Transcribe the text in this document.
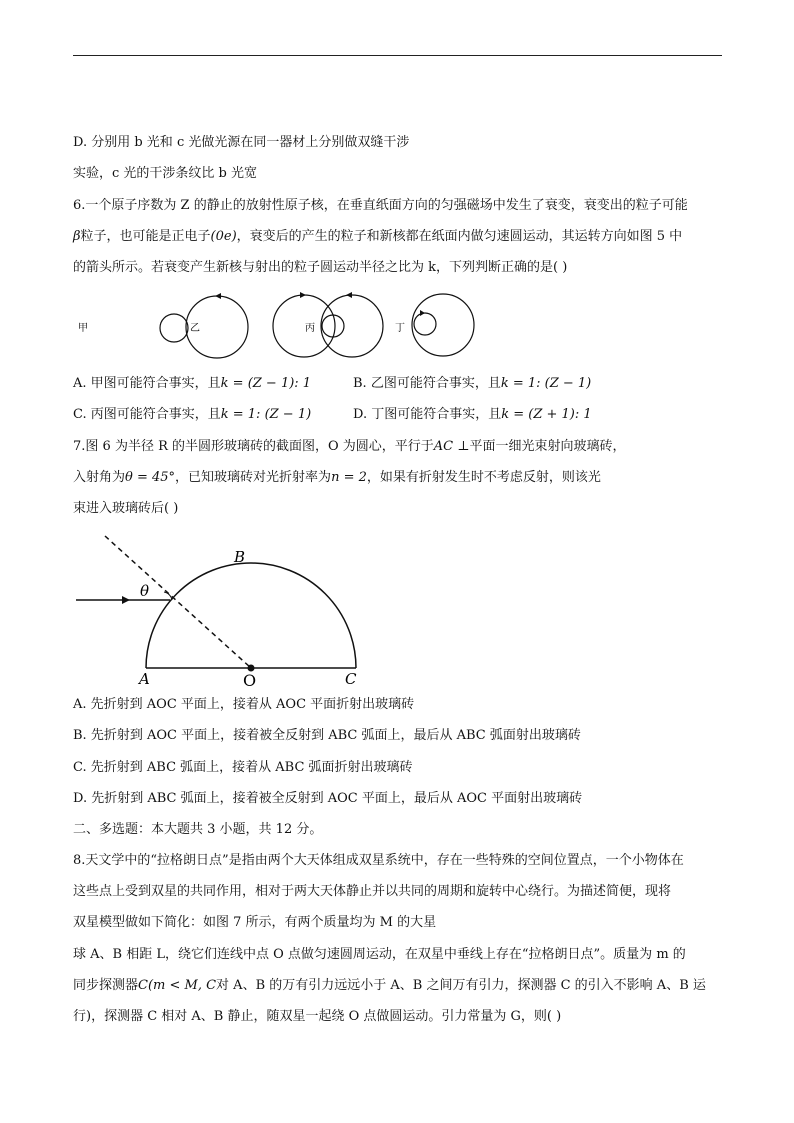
D. 分别用 b 光和 c 光做光源在同一器材上分别做双缝干涉
实验，c 光的干涉条纹比 b 光宽
6.一个原子序数为 Z 的静止的放射性原子核，在垂直纸面方向的匀强磁场中发生了衰变，衰变出的粒子可能
β粒子，也可能是正电子(0e)，衰变后的产生的粒子和新核都在纸面内做匀速圆运动，其运转方向如图 5 中
的箭头所示。若衰变产生新核与射出的粒子圆运动半径之比为 k，下列判断正确的是( )
甲	乙	丙	丁
A. 甲图可能符合事实，且k = (Z − 1): 1	B. 乙图可能符合事实，且k = 1: (Z − 1)
C. 丙图可能符合事实，且k = 1: (Z − 1)	D. 丁图可能符合事实，且k = (Z + 1): 1
7.图 6 为半径 R 的半圆形玻璃砖的截面图，O 为圆心，平行于AC ⊥平面一细光束射向玻璃砖，
入射角为θ = 45°，已知玻璃砖对光折射率为n = 2，如果有折射发生时不考虑反射，则该光
束进入玻璃砖后( )
B
A	C
O
θ
A. 先折射到 AOC 平面上，接着从 AOC 平面折射出玻璃砖
B. 先折射到 AOC 平面上，接着被全反射到 ABC 弧面上，最后从 ABC 弧面射出玻璃砖
C. 先折射到 ABC 弧面上，接着从 ABC 弧面折射出玻璃砖
D. 先折射到 ABC 弧面上，接着被全反射到 AOC 平面上，最后从 AOC 平面射出玻璃砖
二、多选题：本大题共 3 小题，共 12 分。
8.天文学中的“拉格朗日点”是指由两个大天体组成双星系统中，存在一些特殊的空间位置点，一个小物体在
这些点上受到双星的共同作用，相对于两大天体静止并以共同的周期和旋转中心绕行。为描述简便，现将
双星模型做如下简化：如图 7 所示，有两个质量均为 M 的大星
球 A、B 相距 L，绕它们连线中点 O 点做匀速圆周运动，在双星中垂线上存在“拉格朗日点”。质量为 m 的
同步探测器C(m < M, C对 A、B 的万有引力远远小于 A、B 之间万有引力，探测器 C 的引入不影响 A、B 运
行)，探测器 C 相对 A、B 静止，随双星一起绕 O 点做圆运动。引力常量为 G，则( )
